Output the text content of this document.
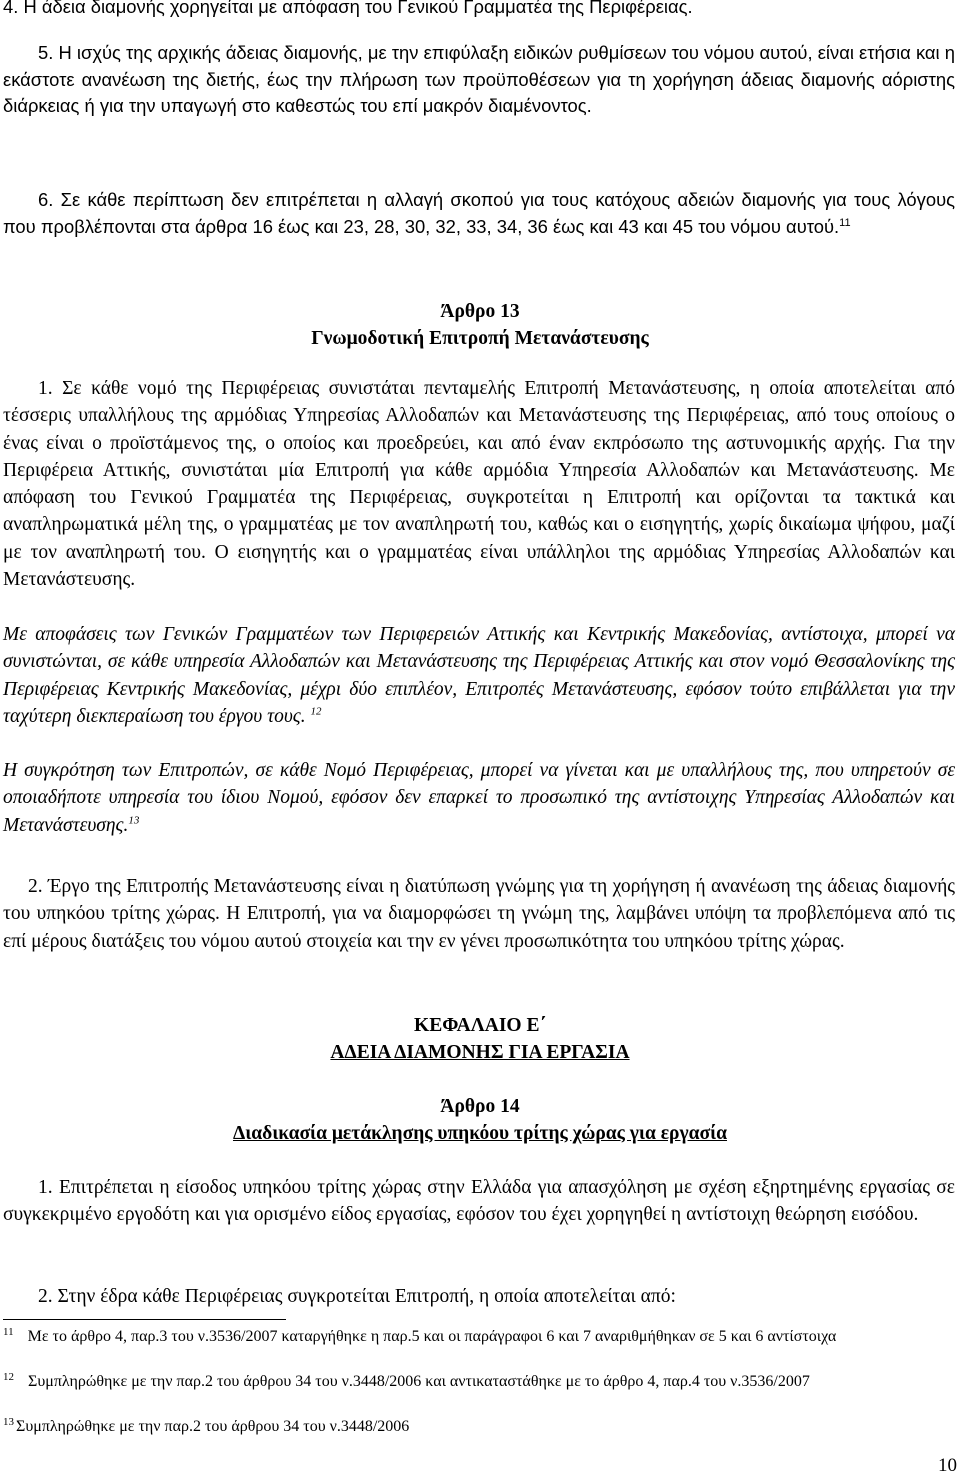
4. Η άδεια διαμονής χορηγείται με απόφαση του Γενικού Γραμματέα της Περιφέρειας.

5. Η ισχύς της αρχικής άδειας διαμονής, με την επιφύλαξη ειδικών ρυθμίσεων του νόμου αυτού, είναι ετήσια και η εκάστοτε ανανέωση της διετής, έως την πλήρωση των προϋποθέσεων για τη χορήγηση άδειας διαμονής αόριστης διάρκειας ή για την υπαγωγή στο καθεστώς του επί μακρόν διαμένοντος.

6. Σε κάθε περίπτωση δεν επιτρέπεται η αλλαγή σκοπού για τους κατόχους αδειών διαμονής για τους λόγους που προβλέπονται στα άρθρα 16 έως και 23, 28, 30, 32, 33, 34, 36 έως και 43 και 45 του νόμου αυτού.$^{11}$

Άρθρο 13
Γνωμοδοτική Επιτροπή Μετανάστευσης

1. Σε κάθε νομό της Περιφέρειας συνιστάται πενταμελής Επιτροπή Μετανάστευσης, η οποία αποτελείται από τέσσερις υπαλλήλους της αρμόδιας Υπηρεσίας Αλλοδαπών και Μετανάστευσης της Περιφέρειας, από τους οποίους ο ένας είναι ο προϊστάμενος της, ο οποίος και προεδρεύει, και από έναν εκπρόσωπο της αστυνομικής αρχής. Για την Περιφέρεια Αττικής, συνιστάται μία Επιτροπή για κάθε αρμόδια Υπηρεσία Αλλοδαπών και Μετανάστευσης. Με απόφαση του Γενικού Γραμματέα της Περιφέρειας, συγκροτείται η Επιτροπή και ορίζονται τα τακτικά και αναπληρωματικά μέλη της, ο γραμματέας με τον αναπληρωτή του, καθώς και ο εισηγητής, χωρίς δικαίωμα ψήφου, μαζί με τον αναπληρωτή του. Ο εισηγητής και ο γραμματέας είναι υπάλληλοι της αρμόδιας Υπηρεσίας Αλλοδαπών και Μετανάστευσης.

Με αποφάσεις των Γενικών Γραμματέων των Περιφερειών Αττικής και Κεντρικής Μακεδονίας, αντίστοιχα, μπορεί να συνιστώνται, σε κάθε υπηρεσία Αλλοδαπών και Μετανάστευσης της Περιφέρειας Αττικής και στον νομό Θεσσαλονίκης της Περιφέρειας Κεντρικής Μακεδονίας, μέχρι δύο επιπλέον, Επιτροπές Μετανάστευσης, εφόσον τούτο επιβάλλεται για την ταχύτερη διεκπεραίωση του έργου τους. $^{12}$

Η συγκρότηση των Επιτροπών, σε κάθε Νομό Περιφέρειας, μπορεί να γίνεται και με υπαλλήλους της, που υπηρετούν σε οποιαδήποτε υπηρεσία του ίδιου Νομού, εφόσον δεν επαρκεί το προσωπικό της αντίστοιχης Υπηρεσίας Αλλοδαπών και Μετανάστευσης.$^{13}$

2. Έργο της Επιτροπής Μετανάστευσης είναι η διατύπωση γνώμης για τη χορήγηση ή ανανέωση της άδειας διαμονής του υπηκόου τρίτης χώρας. Η Επιτροπή, για να διαμορφώσει τη γνώμη της, λαμβάνει υπόψη τα προβλεπόμενα από τις επί μέρους διατάξεις του νόμου αυτού στοιχεία και την εν γένει προσωπικότητα του υπηκόου τρίτης χώρας.

ΚΕΦΑΛΑΙΟ Ε΄
ΑΔΕΙΑ ΔΙΑΜΟΝΗΣ ΓΙΑ ΕΡΓΑΣΙΑ
Άρθρο 14
Διαδικασία μετάκλησης υπηκόου τρίτης χώρας για εργασία

1. Επιτρέπεται η είσοδος υπηκόου τρίτης χώρας στην Ελλάδα για απασχόληση με σχέση εξηρτημένης εργασίας σε συγκεκριμένο εργοδότη και για ορισμένο είδος εργασίας, εφόσον του έχει χορηγηθεί η αντίστοιχη θεώρηση εισόδου.

2. Στην έδρα κάθε Περιφέρειας συγκροτείται Επιτροπή, η οποία αποτελείται από:

$^{11}$ Με το άρθρο 4, παρ.3 του ν.3536/2007 καταργήθηκε η παρ.5 και οι παράγραφοι 6 και 7 αναριθμήθηκαν σε 5 και 6 αντίστοιχα

$^{12}$ Συμπληρώθηκε με την παρ.2 του άρθρου 34 του ν.3448/2006 και αντικαταστάθηκε με το άρθρο 4, παρ.4 του ν.3536/2007

$^{13}$ Συμπληρώθηκε με την παρ.2 του άρθρου 34 του ν.3448/2006

10
